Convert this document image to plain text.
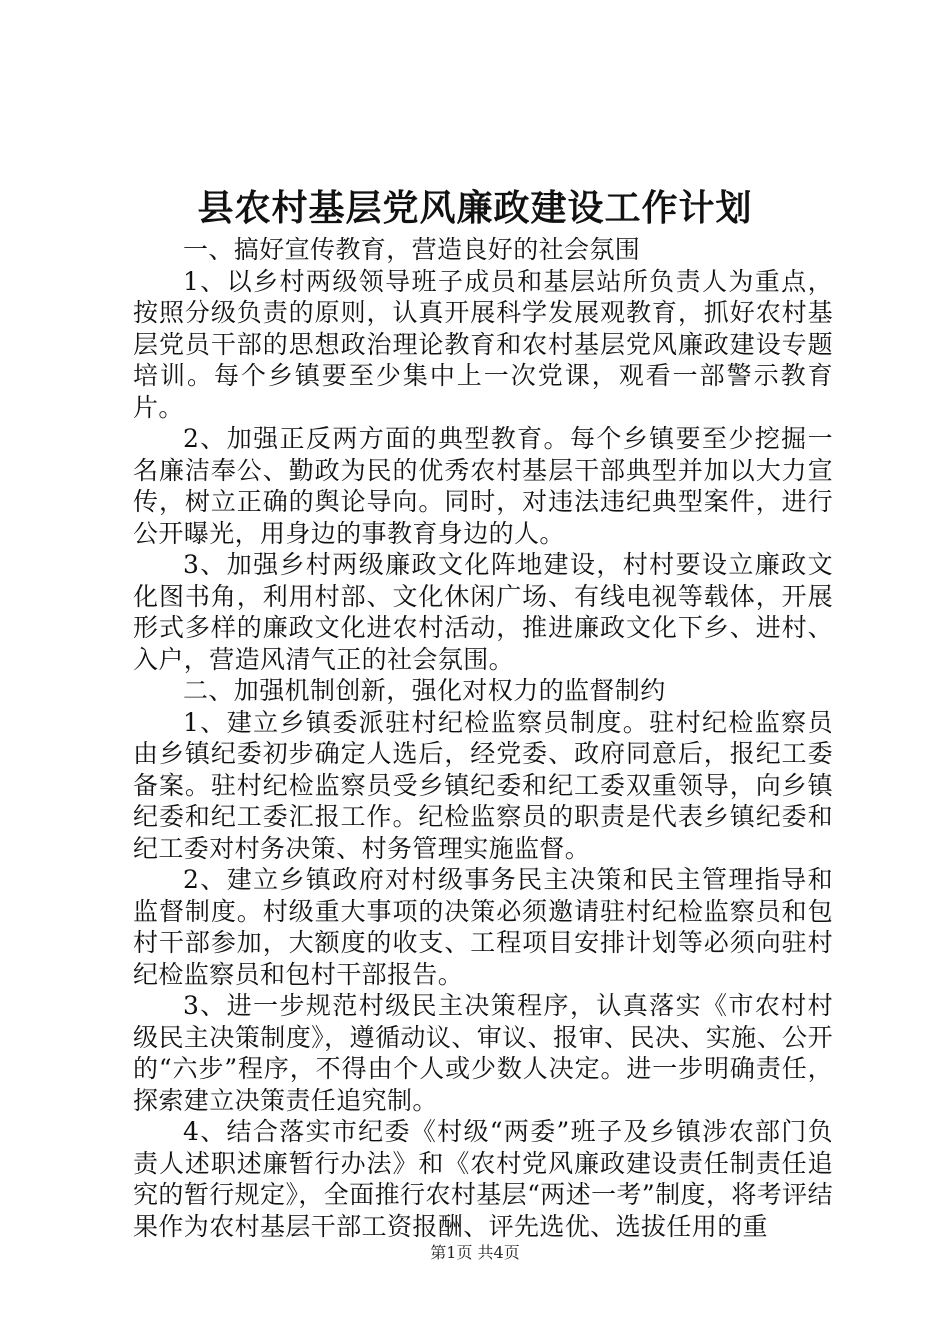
县农村基层党风廉政建设工作计划

一、搞好宣传教育，营造良好的社会氛围

1、以乡村两级领导班子成员和基层站所负责人为重点，按照分级负责的原则，认真开展科学发展观教育，抓好农村基层党员干部的思想政治理论教育和农村基层党风廉政建设专题培训。每个乡镇要至少集中上一次党课，观看一部警示教育片。

2、加强正反两方面的典型教育。每个乡镇要至少挖掘一名廉洁奉公、勤政为民的优秀农村基层干部典型并加以大力宣传，树立正确的舆论导向。同时，对违法违纪典型案件，进行公开曝光，用身边的事教育身边的人。

3、加强乡村两级廉政文化阵地建设，村村要设立廉政文化图书角，利用村部、文化休闲广场、有线电视等载体，开展形式多样的廉政文化进农村活动，推进廉政文化下乡、进村、入户，营造风清气正的社会氛围。

二、加强机制创新，强化对权力的监督制约

1、建立乡镇委派驻村纪检监察员制度。驻村纪检监察员由乡镇纪委初步确定人选后，经党委、政府同意后，报纪工委备案。驻村纪检监察员受乡镇纪委和纪工委双重领导，向乡镇纪委和纪工委汇报工作。纪检监察员的职责是代表乡镇纪委和纪工委对村务决策、村务管理实施监督。

2、建立乡镇政府对村级事务民主决策和民主管理指导和监督制度。村级重大事项的决策必须邀请驻村纪检监察员和包村干部参加，大额度的收支、工程项目安排计划等必须向驻村纪检监察员和包村干部报告。

3、进一步规范村级民主决策程序，认真落实《市农村村级民主决策制度》，遵循动议、审议、报审、民决、实施、公开的“六步”程序，不得由个人或少数人决定。进一步明确责任，探索建立决策责任追究制。

4、结合落实市纪委《村级“两委”班子及乡镇涉农部门负责人述职述廉暂行办法》和《农村党风廉政建设责任制责任追究的暂行规定》，全面推行农村基层“两述一考”制度，将考评结果作为农村基层干部工资报酬、评先选优、选拔任用的重

第1页 共4页
